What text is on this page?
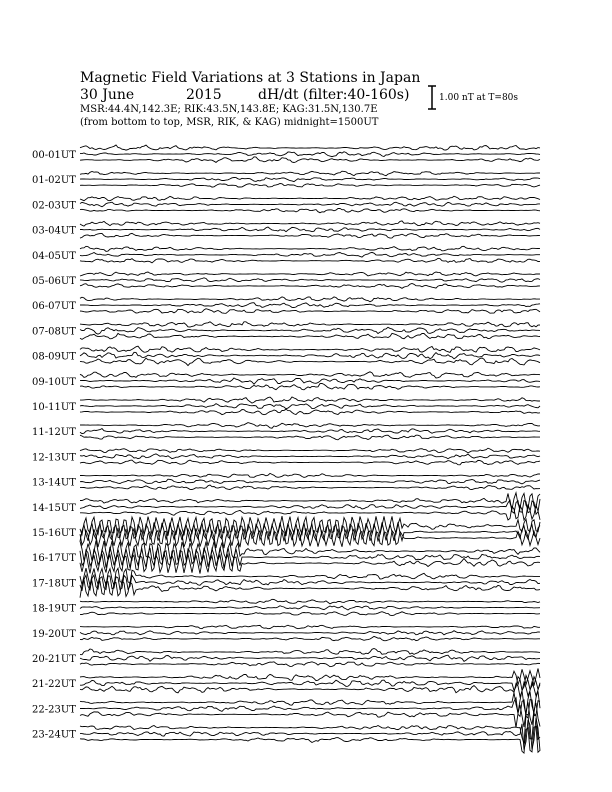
Magnetic Field Variations at 3 Stations in Japan
30 June	2015	dH/dt (filter:40-160s)
MSR:44.4N,142.3E; RIK:43.5N,143.8E; KAG:31.5N,130.7E
(from bottom to top, MSR, RIK, & KAG) midnight=1500UT
1.00 nT at T=80s
00-01UT
01-02UT
02-03UT
03-04UT
04-05UT
05-06UT
06-07UT
07-08UT
08-09UT
09-10UT
10-11UT
11-12UT
12-13UT
13-14UT
14-15UT
15-16UT
16-17UT
17-18UT
18-19UT
19-20UT
20-21UT
21-22UT
22-23UT
23-24UT
